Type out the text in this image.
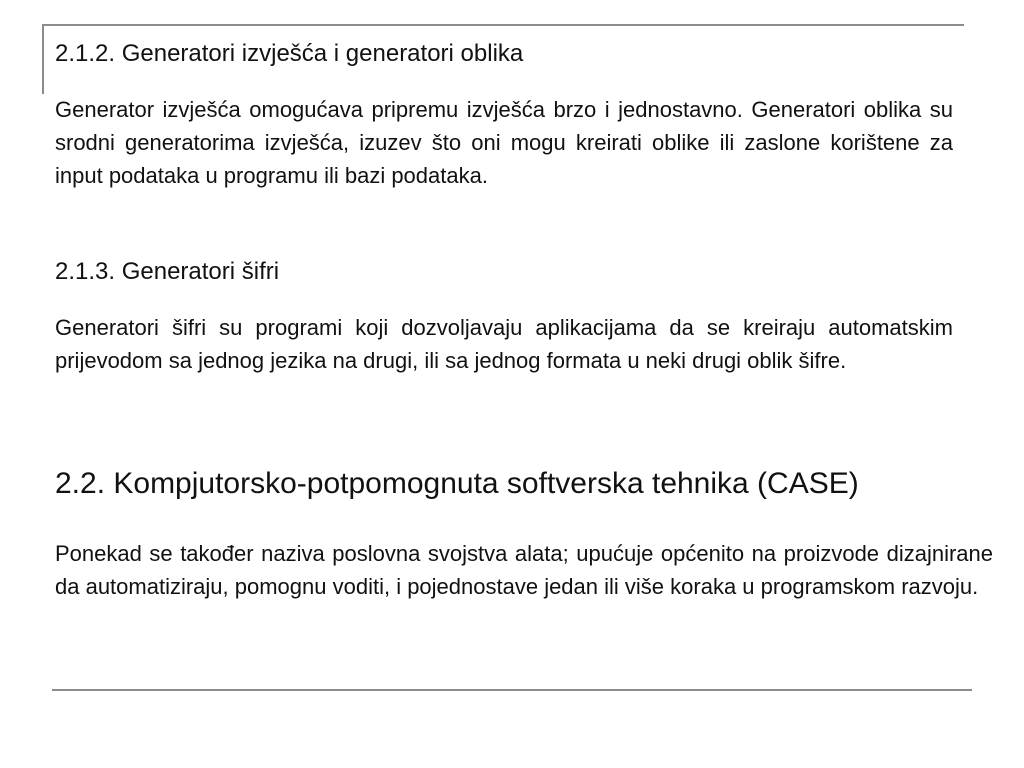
2.1.2. Generatori izvješća i generatori oblika

Generator izvješća omogućava pripremu izvješća brzo i jednostavno. Generatori oblika su srodni generatorima izvješća, izuzev što oni mogu kreirati oblike ili zaslone korištene za input podataka u programu ili bazi podataka.

2.1.3. Generatori šifri

Generatori šifri su programi koji dozvoljavaju aplikacijama da se kreiraju automatskim prijevodom sa jednog jezika na drugi, ili sa jednog formata u neki drugi oblik šifre.

2.2. Kompjutorsko-potpomognuta softverska tehnika (CASE)

Ponekad se također naziva poslovna svojstva alata; upućuje općenito na proizvode dizajnirane da automatiziraju, pomognu voditi, i pojednostave jedan ili više koraka u programskom razvoju.
